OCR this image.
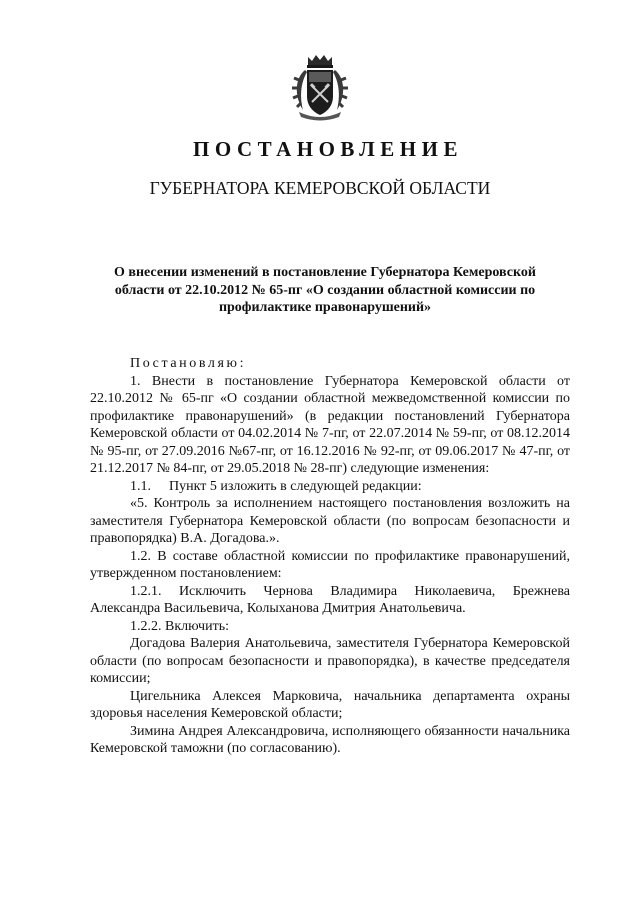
ПОСТАНОВЛЕНИЕ
ГУБЕРНАТОРА КЕМЕРОВСКОЙ ОБЛАСТИ
О внесении изменений в постановление Губернатора Кемеровской области от 22.10.2012 № 65-пг «О создании областной комиссии по профилактике правонарушений»

Постановляю:

1. Внести в постановление Губернатора Кемеровской области от 22.10.2012 № 65-пг «О создании областной межведомственной комиссии по профилактике правонарушений» (в редакции постановлений Губернатора Кемеровской области от 04.02.2014 № 7-пг, от 22.07.2014 № 59-пг, от 08.12.2014 № 95-пг, от 27.09.2016 №67-пг, от 16.12.2016 № 92-пг, от 09.06.2017 № 47-пг, от 21.12.2017 № 84-пг, от 29.05.2018 № 28-пг) следующие изменения:

1.1. Пункт 5 изложить в следующей редакции:

«5. Контроль за исполнением настоящего постановления возложить на заместителя Губернатора Кемеровской области (по вопросам безопасности и правопорядка) В.А. Догадова.».

1.2. В составе областной комиссии по профилактике правонарушений, утвержденном постановлением:

1.2.1. Исключить Чернова Владимира Николаевича, Брежнева Александра Васильевича, Колыханова Дмитрия Анатольевича.

1.2.2. Включить:

Догадова Валерия Анатольевича, заместителя Губернатора Кемеровской области (по вопросам безопасности и правопорядка), в качестве председателя комиссии;

Цигельника Алексея Марковича, начальника департамента охраны здоровья населения Кемеровской области;

Зимина Андрея Александровича, исполняющего обязанности начальника Кемеровской таможни (по согласованию).
